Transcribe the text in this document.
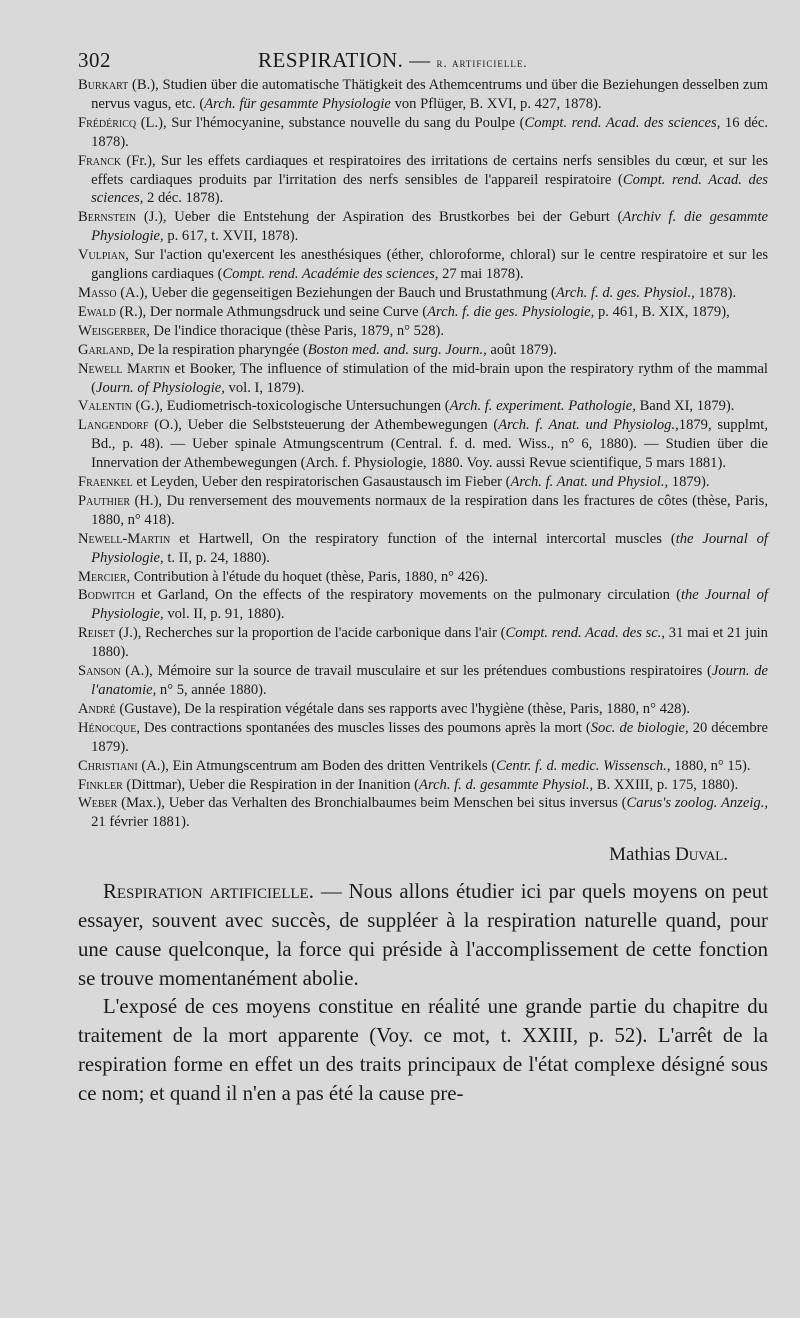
302	RESPIRATION. — r. artificielle.

Burkart (B.), Studien über die automatische Thätigkeit des Athemcentrums und über die Beziehungen desselben zum nervus vagus, etc. (Arch. für gesammte Physiologie von Pflüger, B. XVI, p. 427, 1878).

Frédéricq (L.), Sur l'hémocyanine, substance nouvelle du sang du Poulpe (Compt. rend. Acad. des sciences, 16 déc. 1878).

Franck (Fr.), Sur les effets cardiaques et respiratoires des irritations de certains nerfs sensibles du cœur, et sur les effets cardiaques produits par l'irritation des nerfs sensibles de l'appareil respiratoire (Compt. rend. Acad. des sciences, 2 déc. 1878).

Bernstein (J.), Ueber die Entstehung der Aspiration des Brustkorbes bei der Geburt (Archiv f. die gesammte Physiologie, p. 617, t. XVII, 1878).

Vulpian, Sur l'action qu'exercent les anesthésiques (éther, chloroforme, chloral) sur le centre respiratoire et sur les ganglions cardiaques (Compt. rend. Académie des sciences, 27 mai 1878).

Masso (A.), Ueber die gegenseitigen Beziehungen der Bauch und Brustathmung (Arch. f. d. ges. Physiol., 1878).

Ewald (R.), Der normale Athmungsdruck und seine Curve (Arch. f. die ges. Physiologie, p. 461, B. XIX, 1879),

Weisgerber, De l'indice thoracique (thèse Paris, 1879, n° 528).

Garland, De la respiration pharyngée (Boston med. and. surg. Journ., août 1879).

Newell Martin et Booker, The influence of stimulation of the mid-brain upon the respiratory rythm of the mammal (Journ. of Physiologie, vol. I, 1879).

Valentin (G.), Eudiometrisch-toxicologische Untersuchungen (Arch. f. experiment. Pathologie, Band XI, 1879).

Langendorf (O.), Ueber die Selbststeuerung der Athembewegungen (Arch. f. Anat. und Physiolog.,1879, supplmt, Bd., p. 48). — Ueber spinale Atmungscentrum (Central. f. d. med. Wiss., n° 6, 1880). — Studien über die Innervation der Athembewegungen (Arch. f. Physiologie, 1880. Voy. aussi Revue scientifique, 5 mars 1881).

Fraenkel et Leyden, Ueber den respiratorischen Gasaustausch im Fieber (Arch. f. Anat. und Physiol., 1879).

Pauthier (H.), Du renversement des mouvements normaux de la respiration dans les fractures de côtes (thèse, Paris, 1880, n° 418).

Newell-Martin et Hartwell, On the respiratory function of the internal intercortal muscles (the Journal of Physiologie, t. II, p. 24, 1880).

Mercier, Contribution à l'étude du hoquet (thèse, Paris, 1880, n° 426).

Bodwitch et Garland, On the effects of the respiratory movements on the pulmonary circulation (the Journal of Physiologie, vol. II, p. 91, 1880).

Reiset (J.), Recherches sur la proportion de l'acide carbonique dans l'air (Compt. rend. Acad. des sc., 31 mai et 21 juin 1880).

Sanson (A.), Mémoire sur la source de travail musculaire et sur les prétendues combustions respiratoires (Journ. de l'anatomie, n° 5, année 1880).

André (Gustave), De la respiration végétale dans ses rapports avec l'hygiène (thèse, Paris, 1880, n° 428).

Hénocque, Des contractions spontanées des muscles lisses des poumons après la mort (Soc. de biologie, 20 décembre 1879).

Christiani (A.), Ein Atmungscentrum am Boden des dritten Ventrikels (Centr. f. d. medic. Wissensch., 1880, n° 15).

Finkler (Dittmar), Ueber die Respiration in der Inanition (Arch. f. d. gesammte Physiol., B. XXIII, p. 175, 1880).

Weber (Max.), Ueber das Verhalten des Bronchialbaumes beim Menschen bei situs inversus (Carus's zoolog. Anzeig., 21 février 1881).

Mathias Duval.

Respiration artificielle. — Nous allons étudier ici par quels moyens on peut essayer, souvent avec succès, de suppléer à la respiration naturelle quand, pour une cause quelconque, la force qui préside à l'accomplissement de cette fonction se trouve momentanément abolie.

L'exposé de ces moyens constitue en réalité une grande partie du chapitre du traitement de la mort apparente (Voy. ce mot, t. XXIII, p. 52). L'arrêt de la respiration forme en effet un des traits principaux de l'état complexe désigné sous ce nom; et quand il n'en a pas été la cause pre-
